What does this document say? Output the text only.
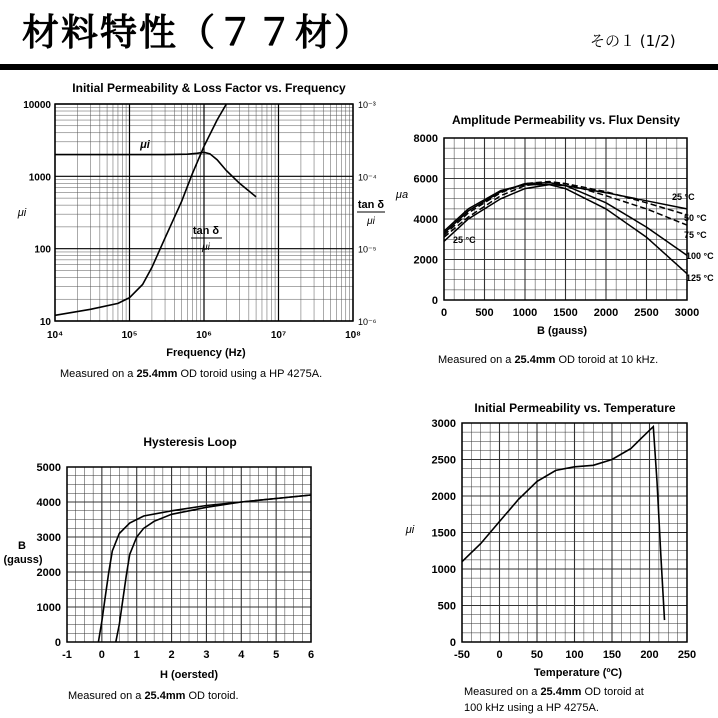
材料特性（７７材）	その１ (1/2)
Initial Permeability & Loss Factor vs. Frequency
10⁴	10⁵	10⁶	10⁷	10⁸
10
100
1000
10000
10⁻⁶
10⁻⁵
10⁻⁴
10⁻³
Frequency (Hz)
μi
tan δ
μi
μi
tan δ
μi
0	500 1000 1500 2000 2500 3000
0
2000
4000
6000
8000
25 °C
50 °C
75 °C
100 °C
125 °C
25 °C
Amplitude Permeability vs. Flux Density
B (gauss)
μa
-1 0	1	2	3	4	5	6
0
1000
2000
3000
4000
5000
Hysteresis Loop
H (oersted)
B
(gauss)
-50 0	50 100 150 200 250
0
500
1000
1500
2000
2500
3000
Initial Permeability vs. Temperature
Temperature (ºC)
μi
Measured on a 25.4mm OD toroid using a HP 4275A.
Measured on a 25.4mm OD toroid at 10 kHz.
Measured on a 25.4mm OD toroid.	Measured on a 25.4mm OD toroid at
100 kHz using a HP 4275A.
